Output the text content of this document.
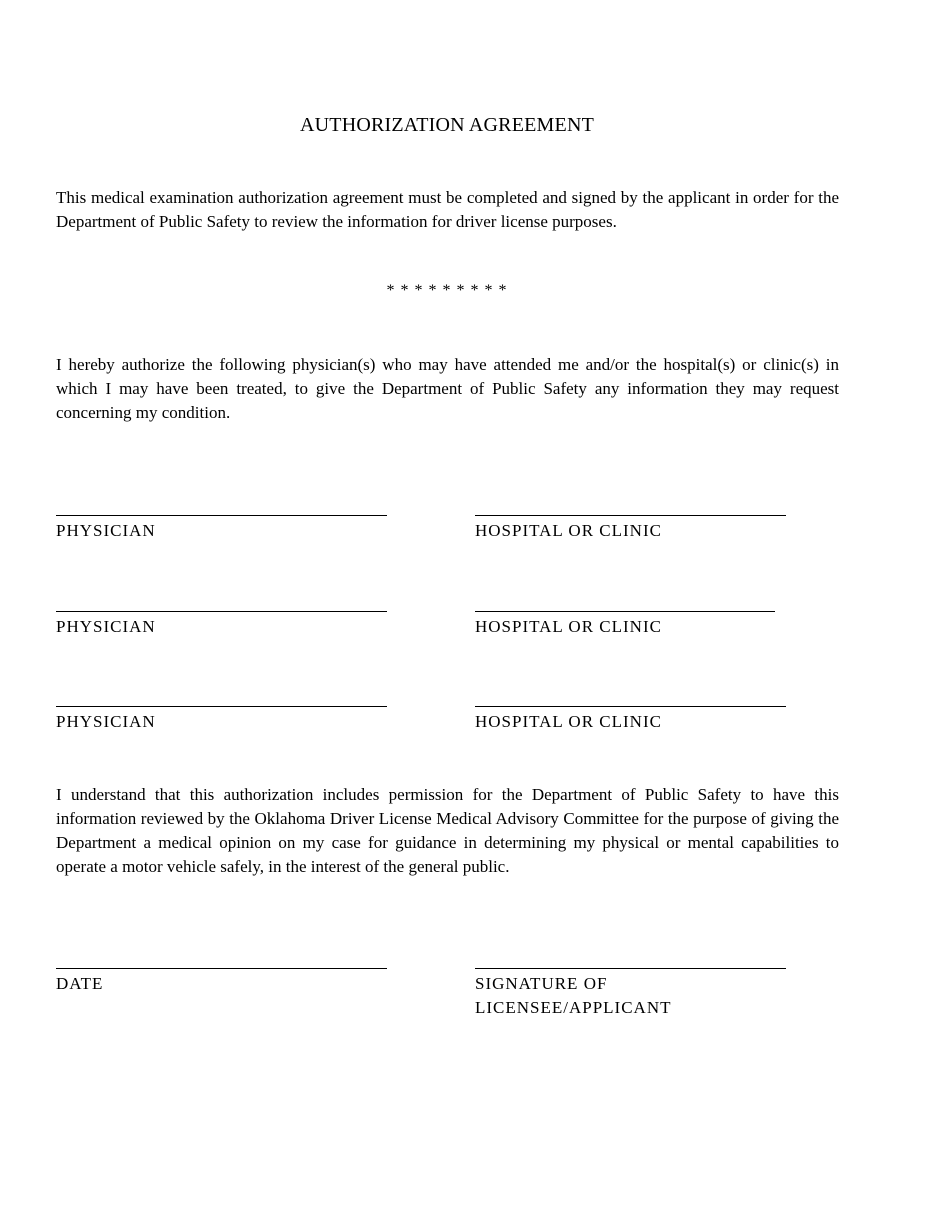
AUTHORIZATION AGREEMENT

This medical examination authorization agreement must be completed and signed by the applicant in order for the Department of Public Safety to review the information for driver license purposes.

* * * * * * * * *

I hereby authorize the following physician(s) who may have attended me and/or the hospital(s) or clinic(s) in which I may have been treated, to give the Department of Public Safety any information they may request concerning my condition.

PHYSICIAN	HOSPITAL OR CLINIC

PHYSICIAN	HOSPITAL OR CLINIC

PHYSICIAN	HOSPITAL OR CLINIC

I understand that this authorization includes permission for the Department of Public Safety to have this information reviewed by the Oklahoma Driver License Medical Advisory Committee for the purpose of giving the Department a medical opinion on my case for guidance in determining my physical or mental capabilities to operate a motor vehicle safely, in the interest of the general public.

DATE	SIGNATURE OF

LICENSEE/APPLICANT
